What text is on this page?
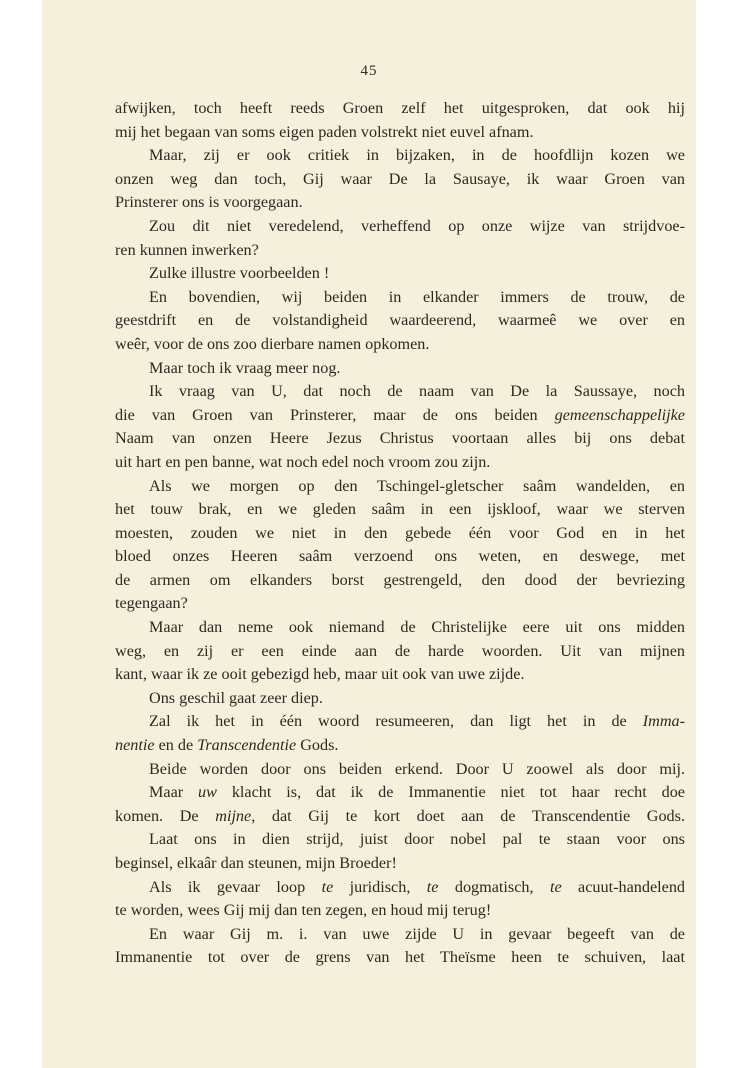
45
afwijken, toch heeft reeds Groen zelf het uitgesproken, dat ook hij
mij het begaan van soms eigen paden volstrekt niet euvel afnam.
Maar, zij er ook critiek in bijzaken, in de hoofdlijn kozen we
onzen weg dan toch, Gij waar De la Sausaye, ik waar Groen van
Prinsterer ons is voorgegaan.
Zou dit niet veredelend, verheffend op onze wijze van strijdvoe-
ren kunnen inwerken?
Zulke illustre voorbeelden !
En bovendien, wij beiden in elkander immers de trouw, de
geestdrift en de volstandigheid waardeerend, waarmeê we over en
weêr, voor de ons zoo dierbare namen opkomen.
Maar toch ik vraag meer nog.
Ik vraag van U, dat noch de naam van De la Saussaye, noch
die van Groen van Prinsterer, maar de ons beiden gemeenschappelijke
Naam van onzen Heere Jezus Christus voortaan alles bij ons debat
uit hart en pen banne, wat noch edel noch vroom zou zijn.
Als we morgen op den Tschingel-gletscher saâm wandelden, en
het touw brak, en we gleden saâm in een ijskloof, waar we sterven
moesten, zouden we niet in den gebede één voor God en in het
bloed onzes Heeren saâm verzoend ons weten, en deswege, met
de armen om elkanders borst gestrengeld, den dood der bevriezing
tegengaan?
Maar dan neme ook niemand de Christelijke eere uit ons midden
weg, en zij er een einde aan de harde woorden. Uit van mijnen
kant, waar ik ze ooit gebezigd heb, maar uit ook van uwe zijde.
Ons geschil gaat zeer diep.
Zal ik het in één woord resumeeren, dan ligt het in de Imma-
nentie en de Transcendentie Gods.
Beide worden door ons beiden erkend. Door U zoowel als door mij.
Maar uw klacht is, dat ik de Immanentie niet tot haar recht doe
komen. De mijne, dat Gij te kort doet aan de Transcendentie Gods.
Laat ons in dien strijd, juist door nobel pal te staan voor ons
beginsel, elkaâr dan steunen, mijn Broeder!
Als ik gevaar loop te juridisch, te dogmatisch, te acuut-handelend
te worden, wees Gij mij dan ten zegen, en houd mij terug!
En waar Gij m. i. van uwe zijde U in gevaar begeeft van de
Immanentie tot over de grens van het Theïsme heen te schuiven, laat
